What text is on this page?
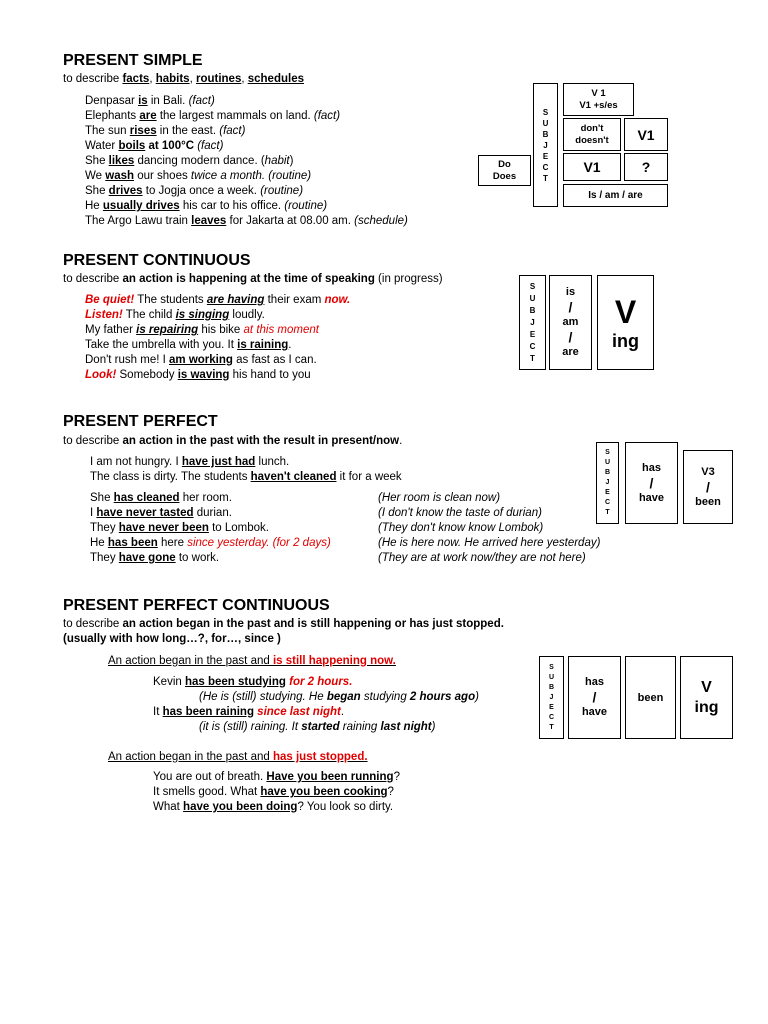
PRESENT SIMPLE
to describe facts, habits, routines, schedules
Denpasar is in Bali. (fact)
Elephants are the largest mammals on land. (fact)
The sun rises in the east. (fact)
Water boils at 100°C (fact)
She likes dancing modern dance. (habit)
We wash our shoes twice a month. (routine)
She drives to Jogja once a week. (routine)
He usually drives his car to his office. (routine)
The Argo Lawu train leaves for Jakarta at 08.00 am. (schedule)
Do
Does
S
U
B
J
E
C
T
V 1
V1 +s/es
don't
doesn't	V1
V1	?
Is / am / are
PRESENT CONTINUOUS
to describe an action is happening at the time of speaking (in progress)
Be quiet! The students are having their exam now.
Listen! The child is singing loudly.
My father is repairing his bike at this moment
Take the umbrella with you. It is raining.
Don't rush me! I am working as fast as I can.
Look! Somebody is waving his hand to you
S
U
B
J
E
C
T
is
/
am
/
are
V
ing
PRESENT PERFECT
to describe an action in the past with the result in present/now.
I am not hungry. I have just had lunch.
The class is dirty. The students haven't cleaned it for a week
She has cleaned her room.
I have never tasted durian.
They have never been to Lombok.
He has been here since yesterday. (for 2 days)
They have gone to work.
(Her room is clean now)
(I don't know the taste of durian)
(They don't know know Lombok)
(He is here now. He arrived here yesterday)
(They are at work now/they are not here)
S
U
B
J
E
C
T
has
/
have
V3
/
been
PRESENT PERFECT CONTINUOUS
to describe an action began in the past and is still happening or has just stopped.
(usually with how long…?, for…, since )
An action began in the past and is still happening now.
Kevin has been studying for 2 hours.
(He is (still) studying. He began studying 2 hours ago)
It has been raining since last night.
(it is (still) raining. It started raining last night)
An action began in the past and has just stopped.
You are out of breath. Have you been running?
It smells good. What have you been cooking?
What have you been doing? You look so dirty.
S
U
B
J
E
C
T
has
/
have
been
V
ing
